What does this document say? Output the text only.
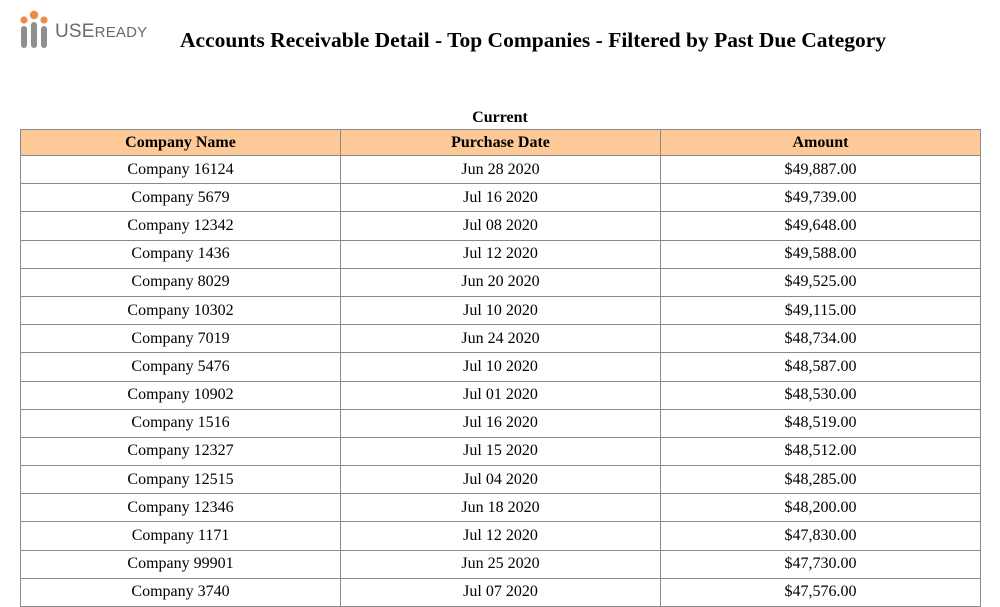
USEREADY Accounts Receivable Detail - Top Companies - Filtered by Past Due Category
Current
Company Name	Purchase Date	Amount
Company 16124	Jun 28 2020	$49,887.00
Company 5679	Jul 16 2020	$49,739.00
Company 12342	Jul 08 2020	$49,648.00
Company 1436	Jul 12 2020	$49,588.00
Company 8029	Jun 20 2020	$49,525.00
Company 10302	Jul 10 2020	$49,115.00
Company 7019	Jun 24 2020	$48,734.00
Company 5476	Jul 10 2020	$48,587.00
Company 10902	Jul 01 2020	$48,530.00
Company 1516	Jul 16 2020	$48,519.00
Company 12327	Jul 15 2020	$48,512.00
Company 12515	Jul 04 2020	$48,285.00
Company 12346	Jun 18 2020	$48,200.00
Company 1171	Jul 12 2020	$47,830.00
Company 99901	Jun 25 2020	$47,730.00
Company 3740	Jul 07 2020	$47,576.00
